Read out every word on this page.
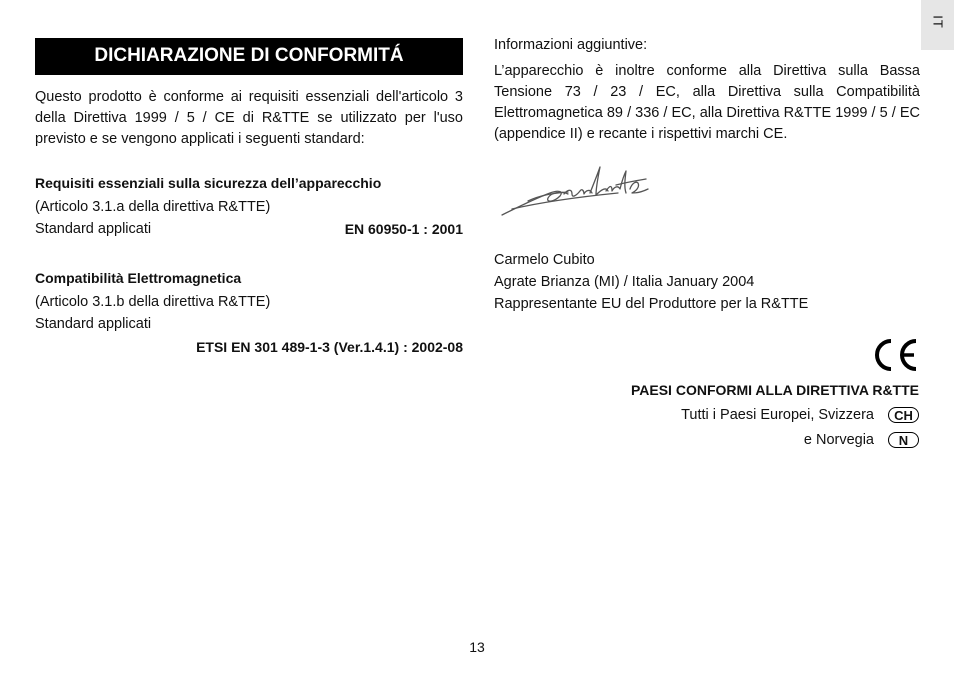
IT
DICHIARAZIONE DI CONFORMITÁ
Questo prodotto è conforme ai requisiti essenziali dell'articolo 3 della Direttiva 1999 / 5 / CE di R&TTE se utilizzato per l'uso previsto e se vengono applicati i seguenti standard:
Requisiti essenziali sulla sicurezza dell’apparecchio
(Articolo 3.1.a della direttiva R&TTE)
Standard applicati	EN 60950-1 : 2001
Compatibilità Elettromagnetica
(Articolo 3.1.b della direttiva R&TTE)
Standard applicati
ETSI EN 301 489-1-3 (Ver.1.4.1) : 2002-08
Informazioni aggiuntive:
L’apparecchio è inoltre conforme alla Direttiva sulla Bassa Tensione 73 / 23 / EC, alla Direttiva sulla Compatibilità Elettromagnetica 89 / 336 / EC, alla Direttiva R&TTE 1999 / 5 / EC (appendice II) e recante i rispettivi marchi CE.
Carmelo Cubito
Agrate Brianza (MI) / Italia January 2004
Rappresentante EU del Produttore per la R&TTE
PAESI CONFORMI ALLA DIRETTIVA R&TTE
Tutti i Paesi Europei, Svizzera	CH
e Norvegia	N
13
